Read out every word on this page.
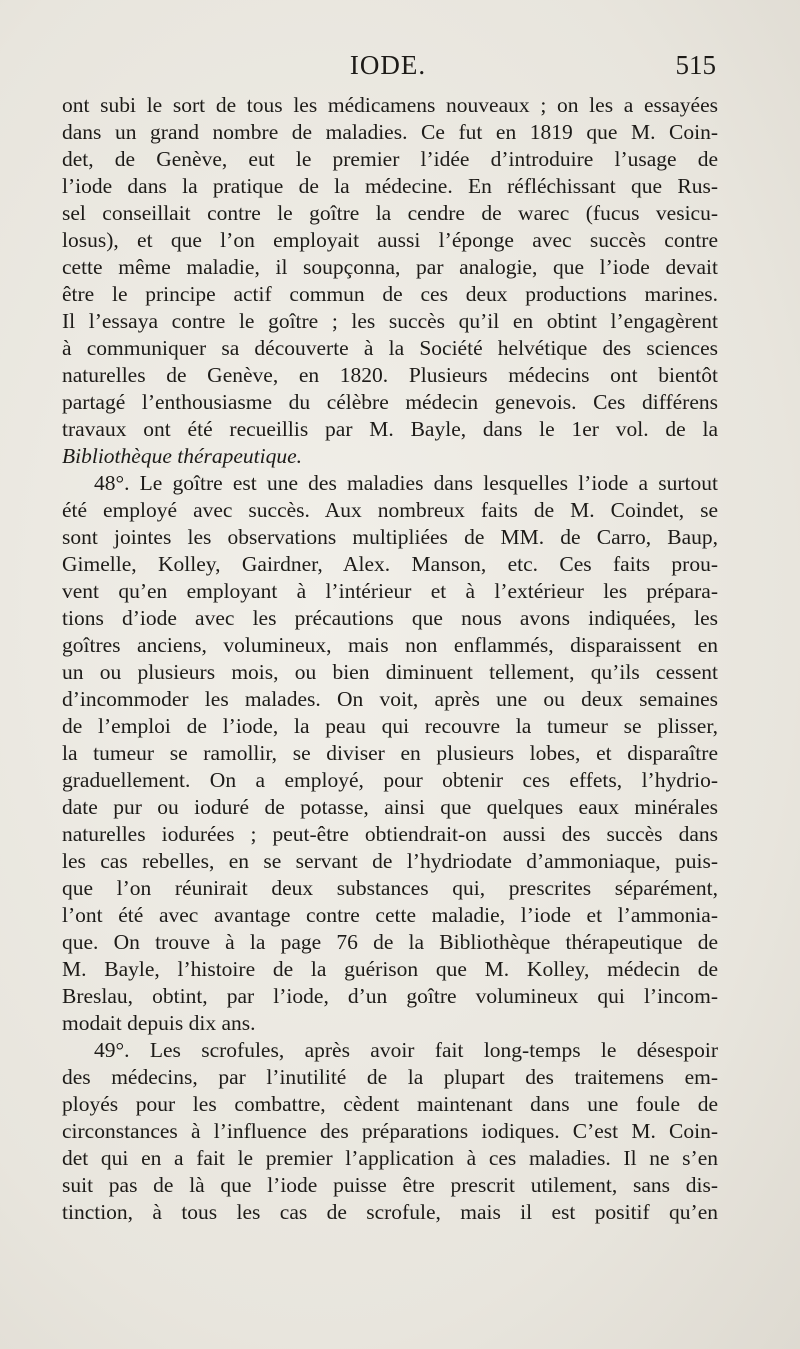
IODE.	515
ont subi le sort de tous les médicamens nouveaux ; on les a essayées
dans un grand nombre de maladies. Ce fut en 1819 que M. Coin-
det, de Genève, eut le premier l’idée d’introduire l’usage de
l’iode dans la pratique de la médecine. En réfléchissant que Rus-
sel conseillait contre le goître la cendre de warec (fucus vesicu-
losus), et que l’on employait aussi l’éponge avec succès contre
cette même maladie, il soupçonna, par analogie, que l’iode devait
être le principe actif commun de ces deux productions marines.
Il l’essaya contre le goître ; les succès qu’il en obtint l’engagèrent
à communiquer sa découverte à la Société helvétique des sciences
naturelles de Genève, en 1820. Plusieurs médecins ont bientôt
partagé l’enthousiasme du célèbre médecin genevois. Ces différens
travaux ont été recueillis par M. Bayle, dans le 1er vol. de la
Bibliothèque thérapeutique.
48°. Le goître est une des maladies dans lesquelles l’iode a surtout
été employé avec succès. Aux nombreux faits de M. Coindet, se
sont jointes les observations multipliées de MM. de Carro, Baup,
Gimelle, Kolley, Gairdner, Alex. Manson, etc. Ces faits prou-
vent qu’en employant à l’intérieur et à l’extérieur les prépara-
tions d’iode avec les précautions que nous avons indiquées, les
goîtres anciens, volumineux, mais non enflammés, disparaissent en
un ou plusieurs mois, ou bien diminuent tellement, qu’ils cessent
d’incommoder les malades. On voit, après une ou deux semaines
de l’emploi de l’iode, la peau qui recouvre la tumeur se plisser,
la tumeur se ramollir, se diviser en plusieurs lobes, et disparaître
graduellement. On a employé, pour obtenir ces effets, l’hydrio-
date pur ou ioduré de potasse, ainsi que quelques eaux minérales
naturelles iodurées ; peut-être obtiendrait-on aussi des succès dans
les cas rebelles, en se servant de l’hydriodate d’ammoniaque, puis-
que l’on réunirait deux substances qui, prescrites séparément,
l’ont été avec avantage contre cette maladie, l’iode et l’ammonia-
que. On trouve à la page 76 de la Bibliothèque thérapeutique de
M. Bayle, l’histoire de la guérison que M. Kolley, médecin de
Breslau, obtint, par l’iode, d’un goître volumineux qui l’incom-
modait depuis dix ans.
49°. Les scrofules, après avoir fait long-temps le désespoir
des médecins, par l’inutilité de la plupart des traitemens em-
ployés pour les combattre, cèdent maintenant dans une foule de
circonstances à l’influence des préparations iodiques. C’est M. Coin-
det qui en a fait le premier l’application à ces maladies. Il ne s’en
suit pas de là que l’iode puisse être prescrit utilement, sans dis-
tinction, à tous les cas de scrofule, mais il est positif qu’en
